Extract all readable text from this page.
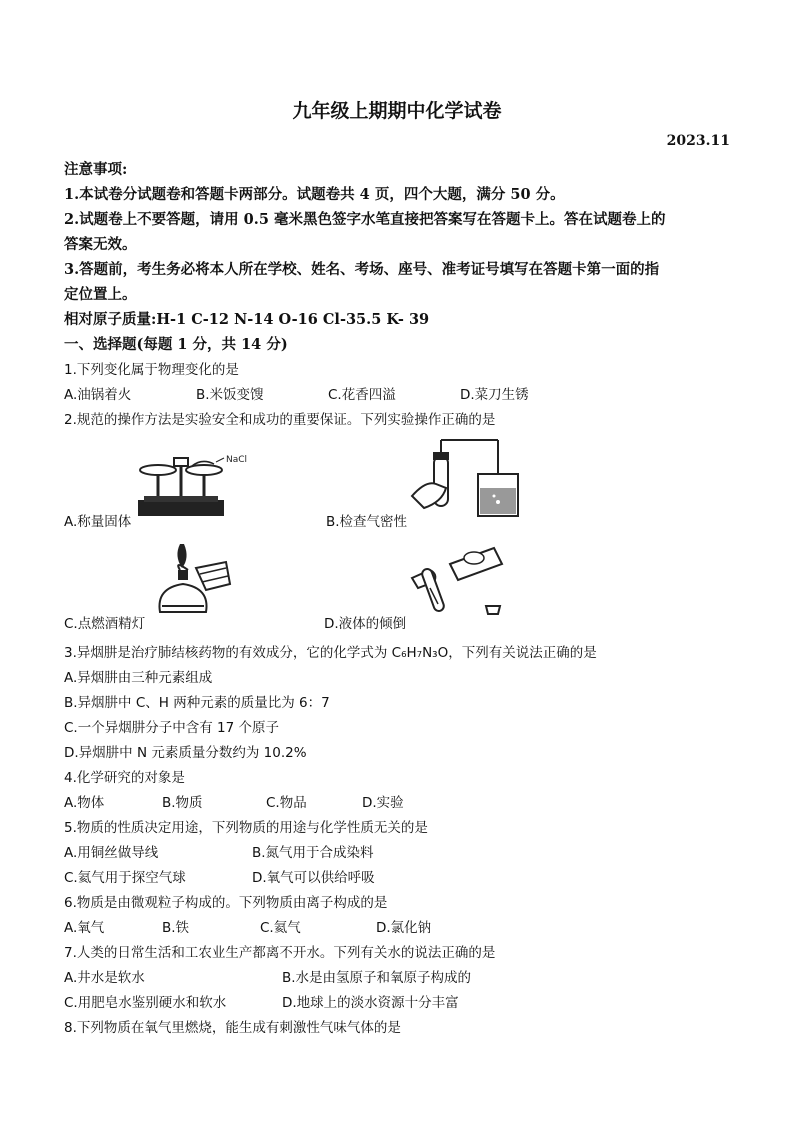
九年级上期期中化学试卷
2023.11
注意事项:
1.本试卷分试题卷和答题卡两部分。试题卷共 4 页，四个大题，满分 50 分。
2.试题卷上不要答题，请用 0.5 毫米黑色签字水笔直接把答案写在答题卡上。答在试题卷上的
答案无效。
3.答题前，考生务必将本人所在学校、姓名、考场、座号、准考证号填写在答题卡第一面的指
定位置上。
相对原子质量:H-1 C-12 N-14 O-16 Cl-35.5 K- 39
一、选择题(每题 1 分，共 14 分)
1.下列变化属于物理变化的是
A.油锅着火	B.米饭变馊	C.花香四溢	D.菜刀生锈
2.规范的操作方法是实验安全和成功的重要保证。下列实验操作正确的是
NaCl
A.称量固体	B.检查气密性
C.点燃酒精灯	D.液体的倾倒
3.异烟肼是治疗肺结核药物的有效成分，它的化学式为 C₆H₇N₃O，下列有关说法正确的是
A.异烟肼由三种元素组成
B.异烟肼中 C、H 两种元素的质量比为 6：7
C.一个异烟肼分子中含有 17 个原子
D.异烟肼中 N 元素质量分数约为 10.2%
4.化学研究的对象是
A.物体	B.物质	C.物品	D.实验
5.物质的性质决定用途，下列物质的用途与化学性质无关的是
A.用铜丝做导线	B.氮气用于合成染料
C.氦气用于探空气球	D.氧气可以供给呼吸
6.物质是由微观粒子构成的。下列物质由离子构成的是
A.氧气	B.铁	C.氦气	D.氯化钠
7.人类的日常生活和工农业生产都离不开水。下列有关水的说法正确的是
A.井水是软水	B.水是由氢原子和氧原子构成的
C.用肥皂水鉴别硬水和软水	D.地球上的淡水资源十分丰富
8.下列物质在氧气里燃烧，能生成有刺激性气味气体的是
